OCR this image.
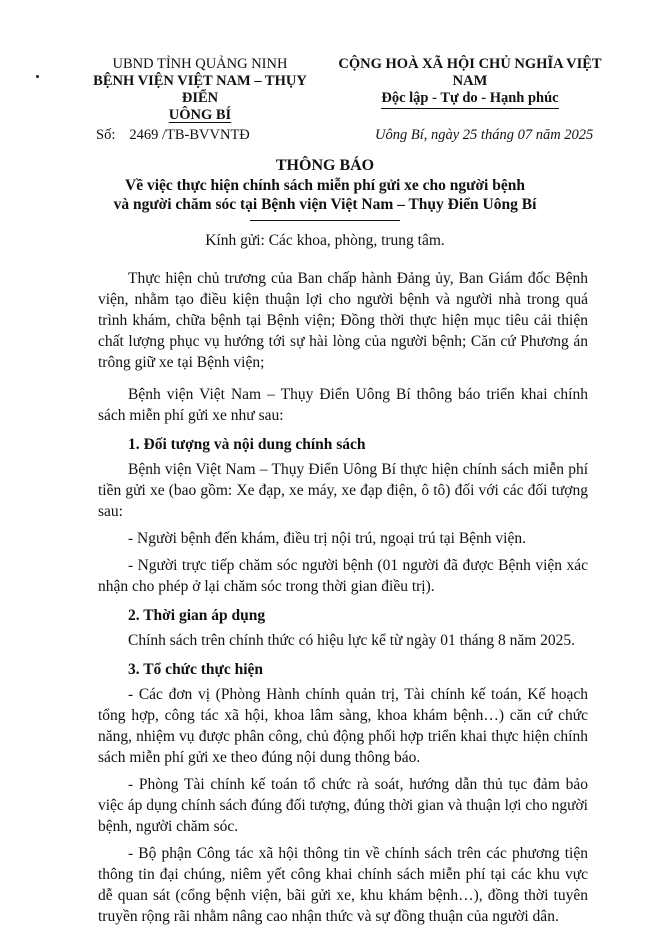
UBND TỈNH QUẢNG NINH
BỆNH VIỆN VIỆT NAM – THỤY ĐIỂN
UÔNG BÍ
CỘNG HOÀ XÃ HỘI CHỦ NGHĨA VIỆT NAM
Độc lập - Tự do - Hạnh phúc
Số: 2469 /TB-BVVNTĐ	Uông Bí, ngày 25 tháng 07 năm 2025
THÔNG BÁO
Về việc thực hiện chính sách miễn phí gửi xe cho người bệnh
và người chăm sóc tại Bệnh viện Việt Nam – Thụy Điển Uông Bí
Kính gửi: Các khoa, phòng, trung tâm.

Thực hiện chủ trương của Ban chấp hành Đảng ủy, Ban Giám đốc Bệnh viện, nhằm tạo điều kiện thuận lợi cho người bệnh và người nhà trong quá trình khám, chữa bệnh tại Bệnh viện; Đồng thời thực hiện mục tiêu cải thiện chất lượng phục vụ hướng tới sự hài lòng của người bệnh; Căn cứ Phương án trông giữ xe tại Bệnh viện;

Bệnh viện Việt Nam – Thụy Điển Uông Bí thông báo triển khai chính sách miễn phí gửi xe như sau:

1. Đối tượng và nội dung chính sách

Bệnh viện Việt Nam – Thụy Điển Uông Bí thực hiện chính sách miễn phí tiền gửi xe (bao gồm: Xe đạp, xe máy, xe đạp điện, ô tô) đối với các đối tượng sau:

- Người bệnh đến khám, điều trị nội trú, ngoại trú tại Bệnh viện.

- Người trực tiếp chăm sóc người bệnh (01 người đã được Bệnh viện xác nhận cho phép ở lại chăm sóc trong thời gian điều trị).

2. Thời gian áp dụng

Chính sách trên chính thức có hiệu lực kể từ ngày 01 tháng 8 năm 2025.

3. Tổ chức thực hiện

- Các đơn vị (Phòng Hành chính quản trị, Tài chính kế toán, Kế hoạch tổng hợp, công tác xã hội, khoa lâm sàng, khoa khám bệnh…) căn cứ chức năng, nhiệm vụ được phân công, chủ động phối hợp triển khai thực hiện chính sách miễn phí gửi xe theo đúng nội dung thông báo.

- Phòng Tài chính kế toán tổ chức rà soát, hướng dẫn thủ tục đảm bảo việc áp dụng chính sách đúng đối tượng, đúng thời gian và thuận lợi cho người bệnh, người chăm sóc.

- Bộ phận Công tác xã hội thông tin về chính sách trên các phương tiện thông tin đại chúng, niêm yết công khai chính sách miễn phí tại các khu vực dễ quan sát (cổng bệnh viện, bãi gửi xe, khu khám bệnh…), đồng thời tuyên truyền rộng rãi nhằm nâng cao nhận thức và sự đồng thuận của người dân.
